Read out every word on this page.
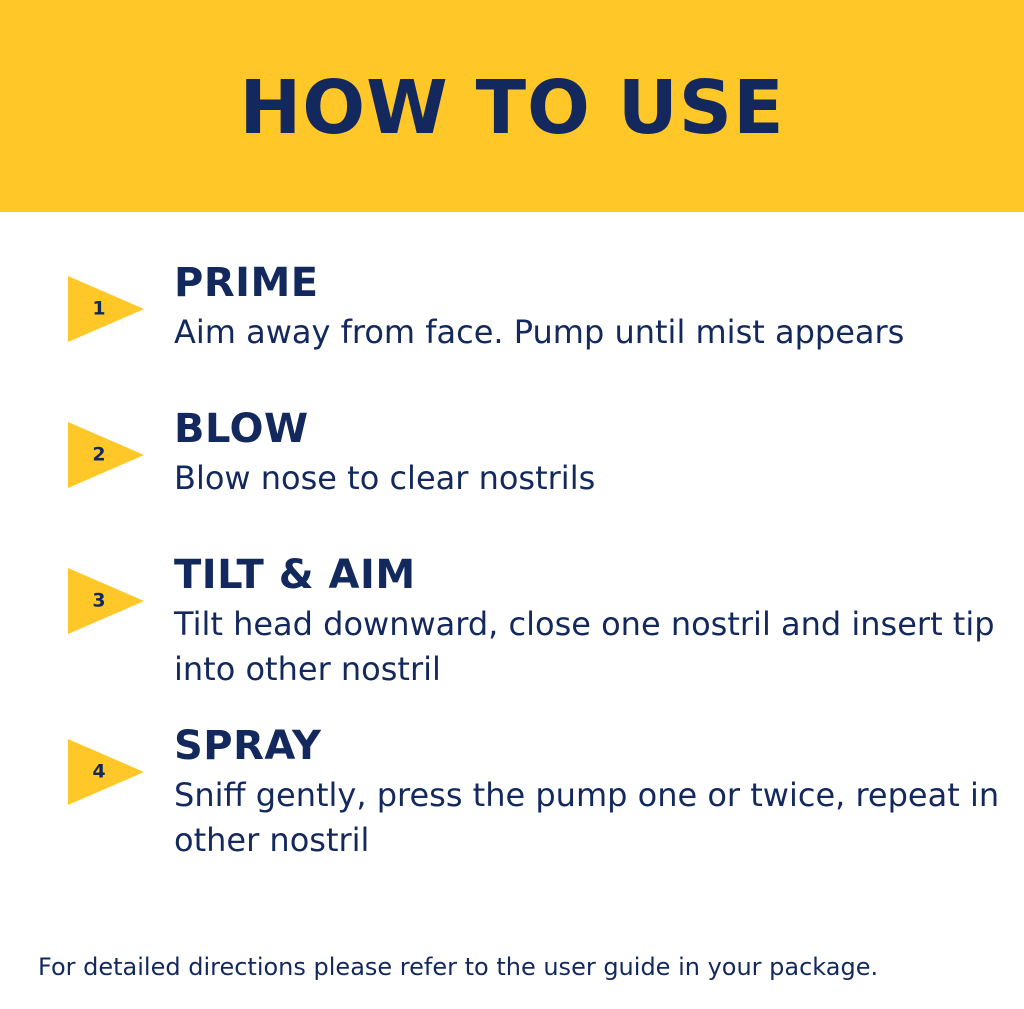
HOW TO USE
1

PRIME

Aim away from face. Pump until mist appears

2

BLOW

Blow nose to clear nostrils

3

TILT & AIM

Tilt head downward, close one nostril and insert tip into other nostril

4

SPRAY

Sniff gently, press the pump one or twice, repeat in other nostril

For detailed directions please refer to the user guide in your package.
